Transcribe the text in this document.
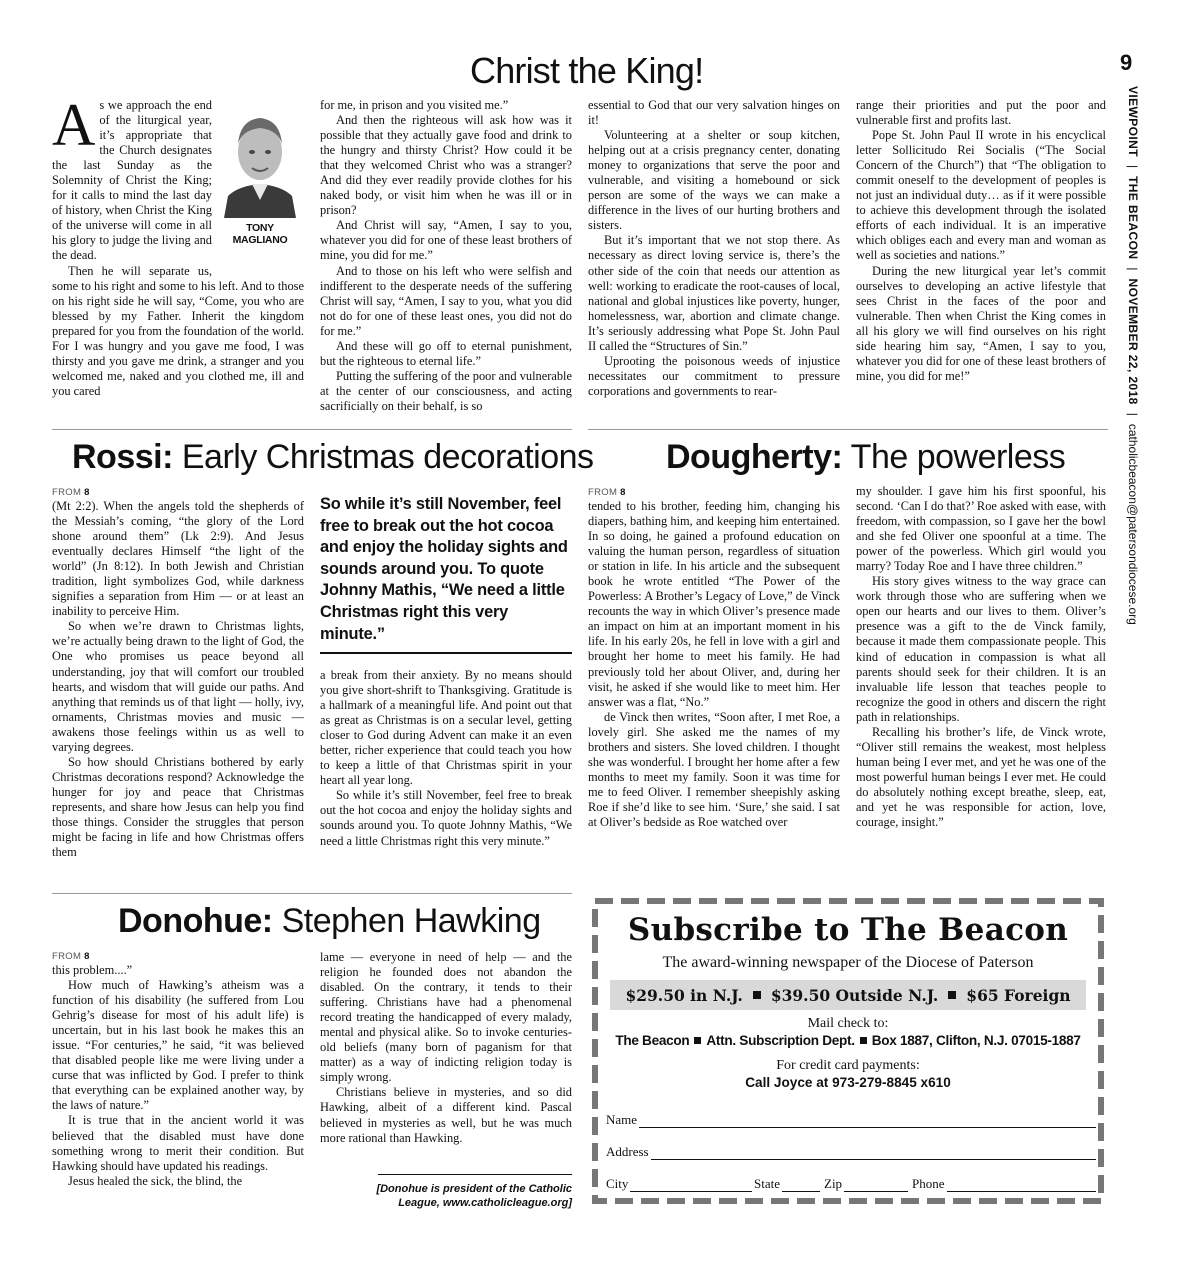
9
VIEWPOINT|THE BEACON|NOVEMBER 22, 2018|catholicbeacon@patersondiocese.org
Christ the King!

As we approach the end of the liturgical year, it’s appropriate that the Church designates the last Sunday as the Solemnity of Christ the King; for it calls to mind the last day of history, when Christ the King of the universe will come in all his glory to judge the living and the dead.

Then he will separate us, some to his right and some to his left. And to those on his right side he will say, “Come, you who are blessed by my Father. Inherit the kingdom prepared for you from the foundation of the world. For I was hungry and you gave me food, I was thirsty and you gave me drink, a stranger and you welcomed me, naked and you clothed me, ill and you cared

TONY MAGLIANO

for me, in prison and you visited me.”

And then the righteous will ask how was it possible that they actually gave food and drink to the hungry and thirsty Christ? How could it be that they welcomed Christ who was a stranger? And did they ever readily provide clothes for his naked body, or visit him when he was ill or in prison?

And Christ will say, “Amen, I say to you, whatever you did for one of these least brothers of mine, you did for me.”

And to those on his left who were selfish and indifferent to the desperate needs of the suffering Christ will say, “Amen, I say to you, what you did not do for one of these least ones, you did not do for me.”

And these will go off to eternal punishment, but the righteous to eternal life.”

Putting the suffering of the poor and vulnerable at the center of our consciousness, and acting sacrificially on their behalf, is so

essential to God that our very salvation hinges on it!

Volunteering at a shelter or soup kitchen, helping out at a crisis pregnancy center, donating money to organizations that serve the poor and vulnerable, and visiting a homebound or sick person are some of the ways we can make a difference in the lives of our hurting brothers and sisters.

But it’s important that we not stop there. As necessary as direct loving service is, there’s the other side of the coin that needs our attention as well: working to eradicate the root-causes of local, national and global injustices like poverty, hunger, homelessness, war, abortion and climate change. It’s seriously addressing what Pope St. John Paul II called the “Structures of Sin.”

Uprooting the poisonous weeds of injustice necessitates our commitment to pressure corporations and governments to rear-

range their priorities and put the poor and vulnerable first and profits last.

Pope St. John Paul II wrote in his encyclical letter Sollicitudo Rei Socialis (“The Social Concern of the Church”) that “The obligation to commit oneself to the development of peoples is not just an individual duty… as if it were possible to achieve this development through the isolated efforts of each individual. It is an imperative which obliges each and every man and woman as well as societies and nations.”

During the new liturgical year let’s commit ourselves to developing an active lifestyle that sees Christ in the faces of the poor and vulnerable. Then when Christ the King comes in all his glory we will find ourselves on his right side hearing him say, “Amen, I say to you, whatever you did for one of these least brothers of mine, you did for me!”

Rossi: Early Christmas decorations
FROM 8

(Mt 2:2). When the angels told the shepherds of the Messiah’s coming, “the glory of the Lord shone around them” (Lk 2:9). And Jesus eventually declares Himself “the light of the world” (Jn 8:12). In both Jewish and Christian tradition, light symbolizes God, while darkness signifies a separation from Him — or at least an inability to perceive Him.

So when we’re drawn to Christmas lights, we’re actually being drawn to the light of God, the One who promises us peace beyond all understanding, joy that will comfort our troubled hearts, and wisdom that will guide our paths. And anything that reminds us of that light — holly, ivy, ornaments, Christmas movies and music — awakens those feelings within us as well to varying degrees.

So how should Christians bothered by early Christmas decorations respond? Acknowledge the hunger for joy and peace that Christmas represents, and share how Jesus can help you find those things. Consider the struggles that person might be facing in life and how Christmas offers them

So while it’s still November, feel free to break out the hot cocoa and enjoy the holiday sights and sounds around you. To quote Johnny Mathis, “We need a little Christmas right this very minute.”

a break from their anxiety. By no means should you give short-shrift to Thanksgiving. Gratitude is a hallmark of a meaningful life. And point out that as great as Christmas is on a secular level, getting closer to God during Advent can make it an even better, richer experience that could teach you how to keep a little of that Christmas spirit in your heart all year long.

So while it’s still November, feel free to break out the hot cocoa and enjoy the holiday sights and sounds around you. To quote Johnny Mathis, “We need a little Christmas right this very minute.”

Dougherty: The powerless
FROM 8

tended to his brother, feeding him, changing his diapers, bathing him, and keeping him entertained. In so doing, he gained a profound education on valuing the human person, regardless of situation or station in life. In his article and the subsequent book he wrote entitled “The Power of the Powerless: A Brother’s Legacy of Love,” de Vinck recounts the way in which Oliver’s presence made an impact on him at an important moment in his life. In his early 20s, he fell in love with a girl and brought her home to meet his family. He had previously told her about Oliver, and, during her visit, he asked if she would like to meet him. Her answer was a flat, “No.”

de Vinck then writes, “Soon after, I met Roe, a lovely girl. She asked me the names of my brothers and sisters. She loved children. I thought she was wonderful. I brought her home after a few months to meet my family. Soon it was time for me to feed Oliver. I remember sheepishly asking Roe if she’d like to see him. ‘Sure,’ she said. I sat at Oliver’s bedside as Roe watched over

my shoulder. I gave him his first spoonful, his second. ‘Can I do that?’ Roe asked with ease, with freedom, with compassion, so I gave her the bowl and she fed Oliver one spoonful at a time. The power of the powerless. Which girl would you marry? Today Roe and I have three children.”

His story gives witness to the way grace can work through those who are suffering when we open our hearts and our lives to them. Oliver’s presence was a gift to the de Vinck family, because it made them compassionate people. This kind of education in compassion is what all parents should seek for their children. It is an invaluable life lesson that teaches people to recognize the good in others and discern the right path in relationships.

Recalling his brother’s life, de Vinck wrote, “Oliver still remains the weakest, most helpless human being I ever met, and yet he was one of the most powerful human beings I ever met. He could do absolutely nothing except breathe, sleep, eat, and yet he was responsible for action, love, courage, insight.”

Donohue: Stephen Hawking
FROM 8

this problem....”

How much of Hawking’s atheism was a function of his disability (he suffered from Lou Gehrig’s disease for most of his adult life) is uncertain, but in his last book he makes this an issue. “For centuries,” he said, “it was believed that disabled people like me were living under a curse that was inflicted by God. I prefer to think that everything can be explained another way, by the laws of nature.”

It is true that in the ancient world it was believed that the disabled must have done something wrong to merit their condition. But Hawking should have updated his readings.

Jesus healed the sick, the blind, the

lame — everyone in need of help — and the religion he founded does not abandon the disabled. On the contrary, it tends to their suffering. Christians have had a phenomenal record treating the handicapped of every malady, mental and physical alike. So to invoke centuries-old beliefs (many born of paganism for that matter) as a way of indicting religion today is simply wrong.

Christians believe in mysteries, and so did Hawking, albeit of a different kind. Pascal believed in mysteries as well, but he was much more rational than Hawking.

[Donohue is president of the Catholic League, www.catholicleague.org]
Subscribe to The Beacon
The award-winning newspaper of the Diocese of Paterson
$29.50 in N.J. $39.50 Outside N.J. $65 Foreign
Mail check to:
The Beacon Attn. Subscription Dept. Box 1887, Clifton, N.J. 07015-1887
For credit card payments:
Call Joyce at 973-279-8845 x610
Name
Address
City	State	Zip	Phone
